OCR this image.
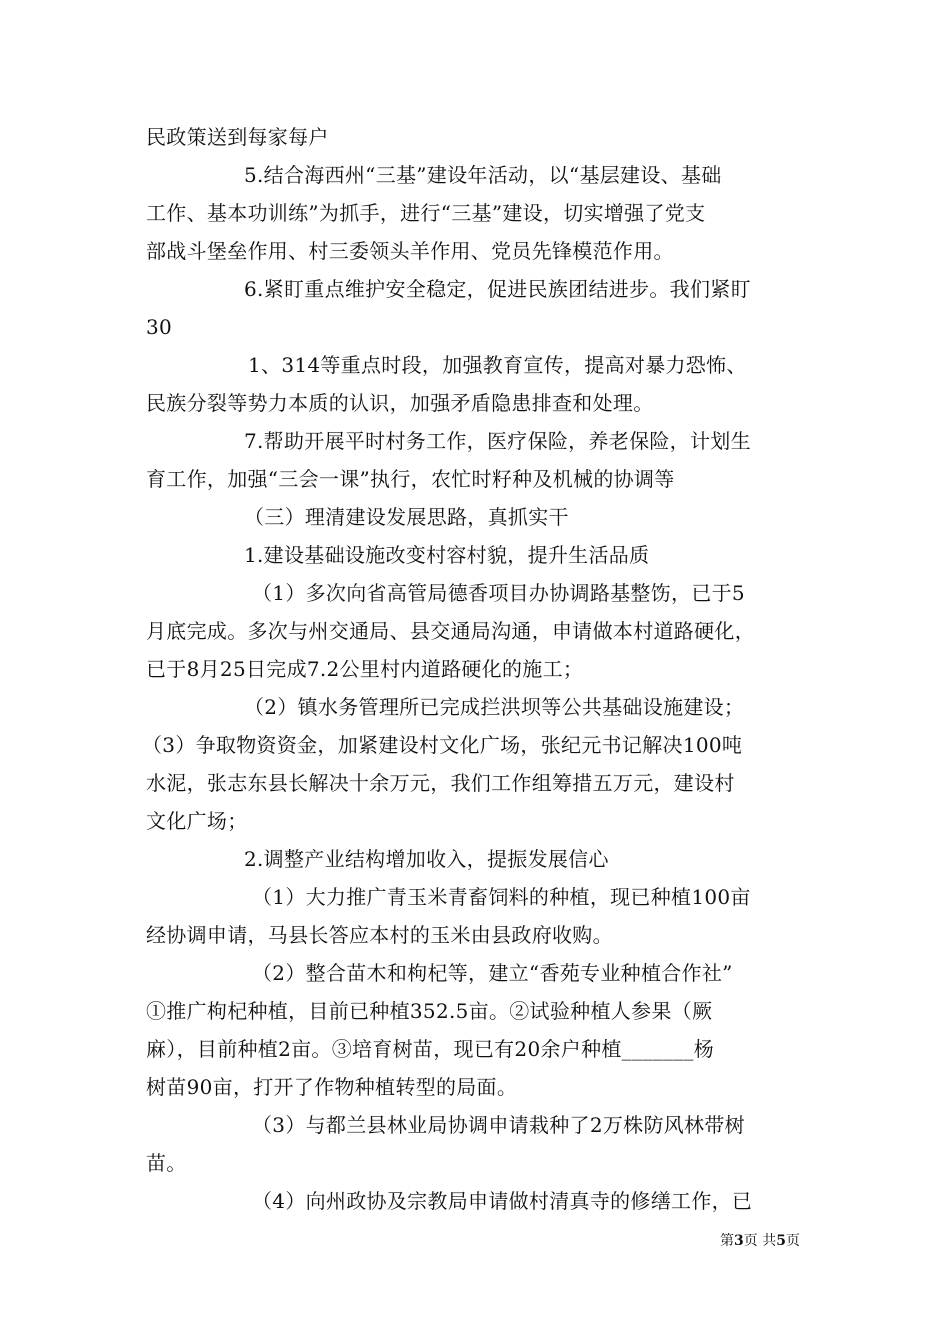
民政策送到每家每户
5.结合海西州“三基”建设年活动，以“基层建设、基础
工作、基本功训练”为抓手，进行“三基”建设，切实增强了党支
部战斗堡垒作用、村三委领头羊作用、党员先锋模范作用。
6.紧盯重点维护安全稳定，促进民族团结进步。我们紧盯
30
1、314等重点时段，加强教育宣传，提高对暴力恐怖、
民族分裂等势力本质的认识，加强矛盾隐患排查和处理。
7.帮助开展平时村务工作，医疗保险，养老保险，计划生
育工作，加强“三会一课”执行，农忙时籽种及机械的协调等
（三）理清建设发展思路，真抓实干
1.建设基础设施改变村容村貌，提升生活品质
（1）多次向省高管局德香项目办协调路基整饬，已于5
月底完成。多次与州交通局、县交通局沟通，申请做本村道路硬化，
已于8月25日完成7.2公里村内道路硬化的施工；
（2）镇水务管理所已完成拦洪坝等公共基础设施建设；
（3）争取物资资金，加紧建设村文化广场，张纪元书记解决100吨
水泥，张志东县长解决十余万元，我们工作组筹措五万元，建设村
文化广场；
2.调整产业结构增加收入，提振发展信心
（1）大力推广青玉米青畜饲料的种植，现已种植100亩
经协调申请，马县长答应本村的玉米由县政府收购。
（2）整合苗木和枸杞等，建立“香苑专业种植合作社”
①推广枸杞种植，目前已种植352.5亩。②试验种植人参果（厥
麻），目前种植2亩。③培育树苗，现已有20余户种植_______杨
树苗90亩，打开了作物种植转型的局面。
（3）与都兰县林业局协调申请栽种了2万株防风林带树
苗。
（4）向州政协及宗教局申请做村清真寺的修缮工作，已
第3页 共5页
